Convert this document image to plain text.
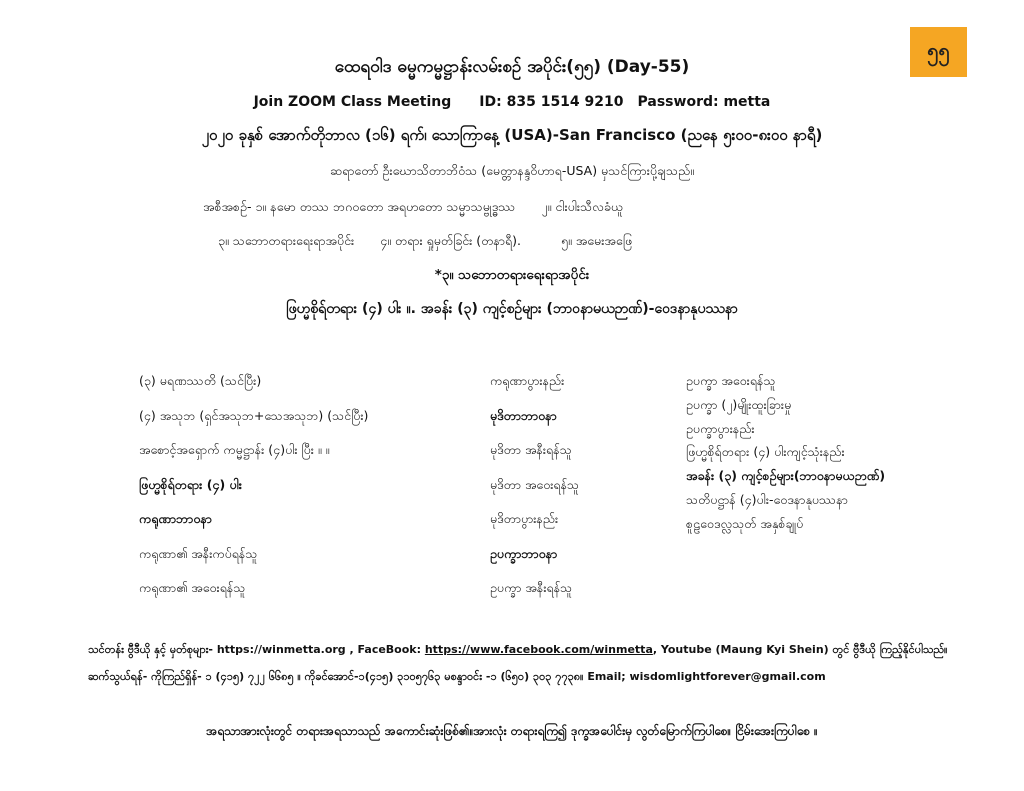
၅၅
ထေရဝါဒ ဓမ္မကမ္မဋ္ဌာန်းလမ်းစဉ် အပိုင်း(၅၅) (Day-55)
Join ZOOM Class Meeting ID: 835 1514 9210 Password: metta
၂၀၂၀ ခုနှစ် အောက်တိုဘာလ (၁၆) ရက်၊ သောကြာနေ့ (USA)-San Francisco (ညနေ ၅း၀၀-၈း၀၀ နာရီ)
ဆရာတော် ဦးဃောသိတာဘိဝံသ (မေတ္တာနန္ဒဝိဟာရ-USA) မှသင်ကြားပို့ချသည်။
အစီအစဉ်- ၁။ နမော တဿ ဘဂဝတော အရဟတော သမ္မာသမ္ဗုဒ္ဓဿ ၂။ ငါးပါးသီလခံယူ
၃။ သဘောတရားရေးရာအပိုင်း ၄။ တရား ရှုမှတ်ခြင်း (တနာရီ).	၅။ အမေးအဖြေ
*၃။ သဘောတရားရေးရာအပိုင်း
ဖြဟ္မစိုရ်တရား (၄) ပါး ။. အခန်း (၃) ကျင့်စဉ်များ (ဘာဝနာမယဉာဏ်)-ဝေဒနာနုပဿနာ
(၃) မရဏဿတိ (သင်ပြီး)
(၄) အသုဘ (ရှင်အသုဘ+သေအသုဘ) (သင်ပြီး)
အစောင့်အရှောက် ကမ္မဋ္ဌာန်း (၄)ပါး ပြီး ။ ။
ဖြဟ္မစိုရ်တရား (၄) ပါး
ကရုဏာဘာဝနာ
ကရုဏာ၏ အနီးကပ်ရန်သူ
ကရုဏာ၏ အဝေးရန်သူ
ကရုဏာပွားနည်း
မုဒိတာဘာဝနာ
မုဒိတာ အနီးရန်သူ
မုဒိတာ အဝေးရန်သူ
မုဒိတာပွားနည်း
ဥပက္ခာဘာဝနာ
ဥပက္ခာ အနီးရန်သူ
ဥပက္ခာ အဝေးရန်သူ
ဥပက္ခာ (၂)မျိုးထူးခြားမှု
ဥပက္ခာပွားနည်း
ဖြဟ္မစိုရ်တရား (၄) ပါးကျင့်သုံးနည်း
အခန်း (၃) ကျင့်စဉ်များ(ဘာဝနာမယဉာဏ်)
သတိပဋ္ဌာန် (၄)ပါး-ဝေဒနာနုပဿနာ
စူဠဝေဒလ္လသုတ် အနှစ်ချုပ်
သင်တန်း ဗွီဒီယို နှင့် မှတ်စုများ- https://winmetta.org , FaceBook: https://www.facebook.com/winmetta, Youtube (Maung Kyi Shein) တွင် ဗွီဒီယို ကြည့်နိုင်ပါသည်။
ဆက်သွယ်ရန်- ကိုကြည်ရှိန်- ၁ (၄၁၅) ၇၂၂ ၆၆၈၅ ။ ကိုခင်အောင်-၁(၄၁၅) ၃၁၀၅၇၆၃ မစန္ဒာဝင်း -၁ (၆၅၀) ၃၀၃ ၇၇၃၈။ Email; wisdomlightforever@gmail.com
အရသာအားလုံးတွင် တရားအရသာသည် အကောင်းဆုံးဖြစ်၏။အားလုံး တရားရကြ၍ ဒုက္ခအပေါင်းမှ လွတ်မြောက်ကြပါစေ။ ငြိမ်းအေးကြပါစေ ။
